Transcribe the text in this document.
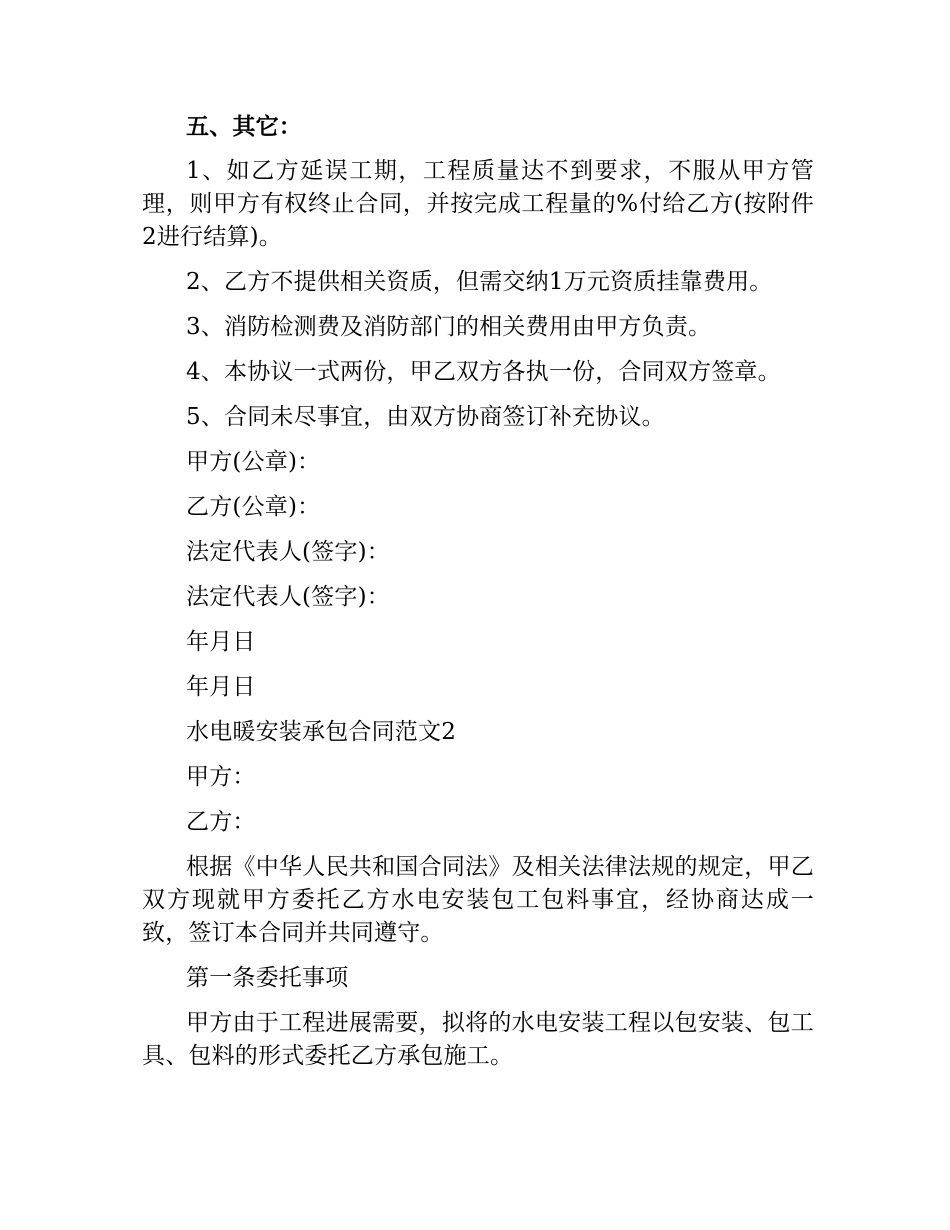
五、其它：

1、如乙方延误工期，工程质量达不到要求，不服从甲方管理，则甲方有权终止合同，并按完成工程量的%付给乙方(按附件2进行结算)。

2、乙方不提供相关资质，但需交纳1万元资质挂靠费用。

3、消防检测费及消防部门的相关费用由甲方负责。

4、本协议一式两份，甲乙双方各执一份，合同双方签章。

5、合同未尽事宜，由双方协商签订补充协议。

甲方(公章)：

乙方(公章)：

法定代表人(签字)：

法定代表人(签字)：

年月日

年月日

水电暖安装承包合同范文2

甲方：

乙方：

根据《中华人民共和国合同法》及相关法律法规的规定，甲乙双方现就甲方委托乙方水电安装包工包料事宜，经协商达成一致，签订本合同并共同遵守。

第一条委托事项

甲方由于工程进展需要，拟将的水电安装工程以包安装、包工具、包料的形式委托乙方承包施工。
